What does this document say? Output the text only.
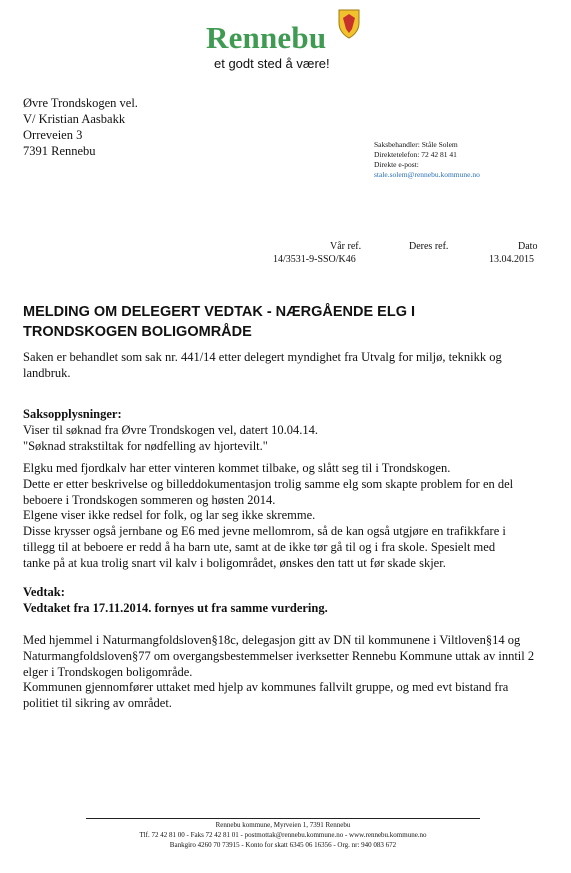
Rennebu
et godt sted å være!
Øvre Trondskogen vel.
V/ Kristian Aasbakk
Orreveien 3
7391 Rennebu	Saksbehandler: Ståle Solem
Direktetelefon: 72 42 81 41
Direkte e-post:
stale.solem@rennebu.kommune.no
Vår ref.
14/3531-9-SSO/K46
Deres ref.	Dato
13.04.2015
MELDING OM DELEGERT VEDTAK - NÆRGÅENDE ELG I
TRONDSKOGEN BOLIGOMRÅDE
Saken er behandlet som sak nr. 441/14 etter delegert myndighet fra Utvalg for miljø, teknikk og
landbruk.
Saksopplysninger:
Viser til søknad fra Øvre Trondskogen vel, datert 10.04.14.
"Søknad strakstiltak for nødfelling av hjortevilt."
Elgku med fjordkalv har etter vinteren kommet tilbake, og slått seg til i Trondskogen.
Dette er etter beskrivelse og billeddokumentasjon trolig samme elg som skapte problem for en del
beboere i Trondskogen sommeren og høsten 2014.
Elgene viser ikke redsel for folk, og lar seg ikke skremme.
Disse krysser også jernbane og E6 med jevne mellomrom, så de kan også utgjøre en trafikkfare i
tillegg til at beboere er redd å ha barn ute, samt at de ikke tør gå til og i fra skole. Spesielt med
tanke på at kua trolig snart vil kalv i boligområdet, ønskes den tatt ut før skade skjer.
Vedtak:
Vedtaket fra 17.11.2014. fornyes ut fra samme vurdering.
Med hjemmel i Naturmangfoldsloven§18c, delegasjon gitt av DN til kommunene i Viltloven§14 og
Naturmangfoldsloven§77 om overgangsbestemmelser iverksetter Rennebu Kommune uttak av inntil 2
elger i Trondskogen boligområde.
Kommunen gjennomfører uttaket med hjelp av kommunes fallvilt gruppe, og med evt bistand fra
politiet til sikring av området.
Rennebu kommune, Myrveien 1, 7391 Rennebu
Tlf. 72 42 81 00 - Faks 72 42 81 01 - postmottak@rennebu.kommune.no - www.rennebu.kommune.no
Bankgiro 4260 70 73915 - Konto for skatt 6345 06 16356 - Org. nr: 940 083 672
